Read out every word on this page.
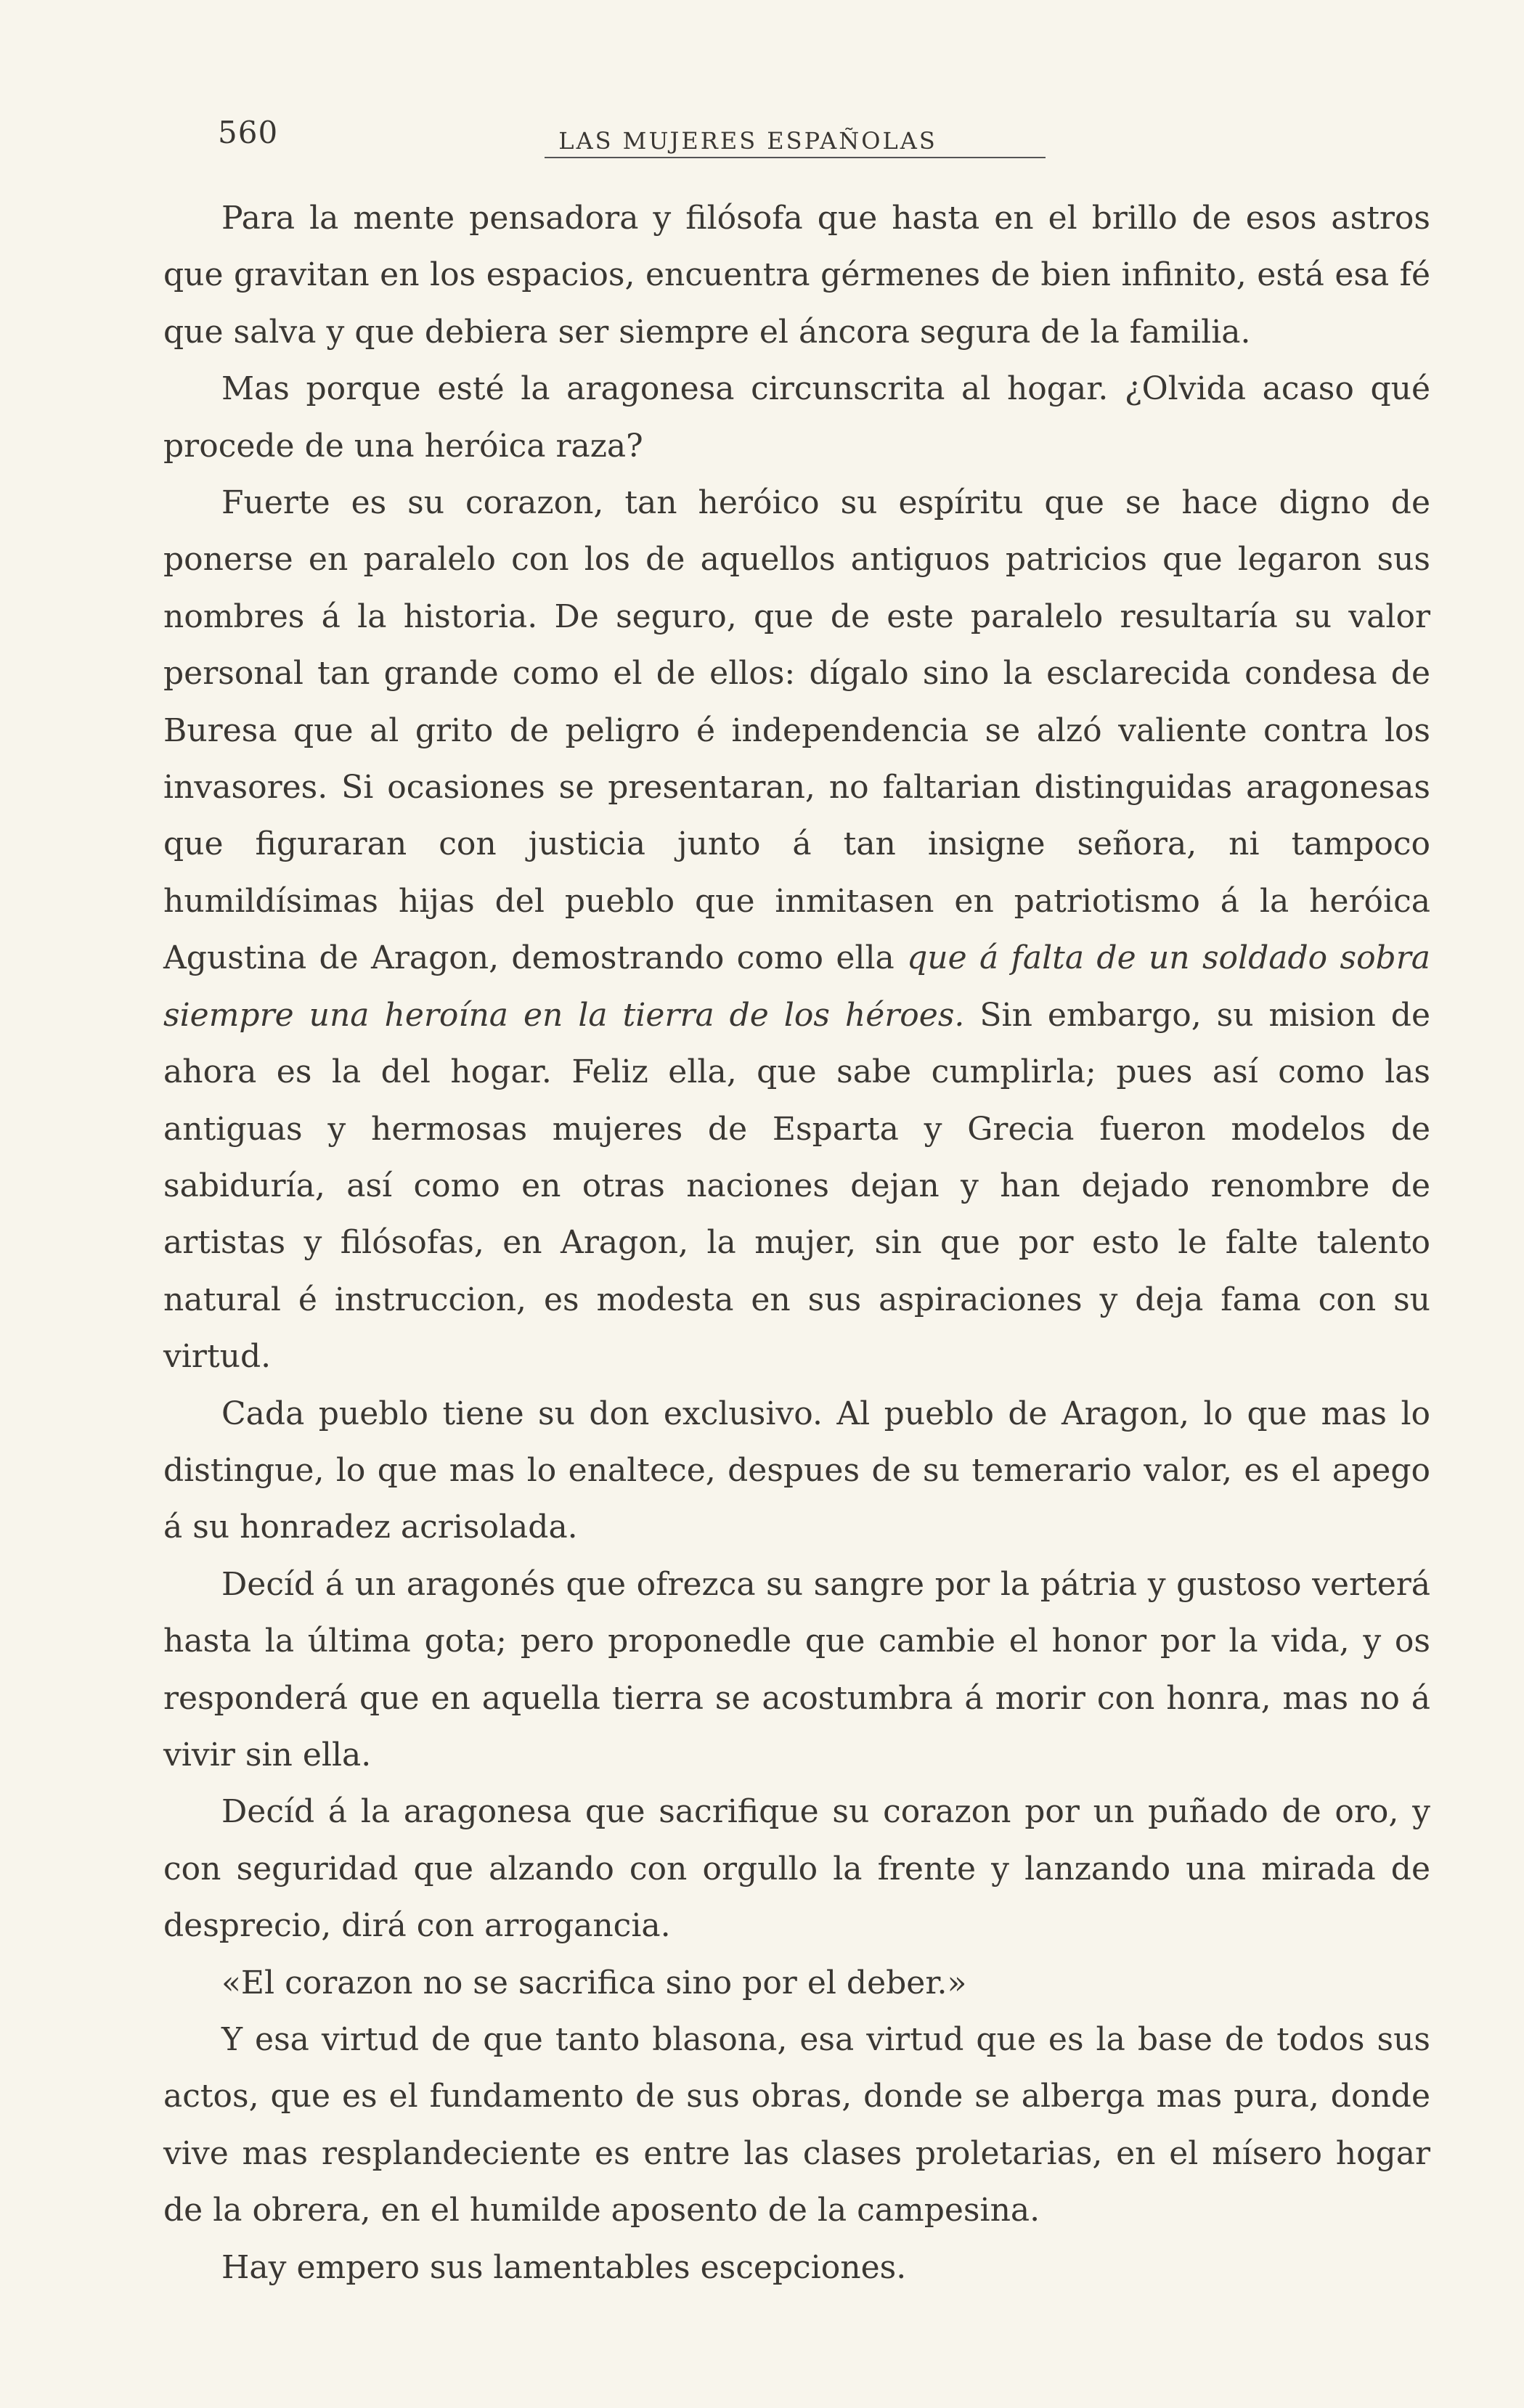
560	LAS MUJERES ESPAÑOLAS

Para la mente pensadora y filósofa que hasta en el brillo de esos astros que gravitan en los espacios, encuentra gérmenes de bien infinito, está esa fé que salva y que debiera ser siempre el áncora segura de la familia.

Mas porque esté la aragonesa circunscrita al hogar. ¿Olvida acaso qué procede de una heróica raza?

Fuerte es su corazon, tan heróico su espíritu que se hace digno de ponerse en paralelo con los de aquellos antiguos patricios que legaron sus nombres á la historia. De seguro, que de este paralelo resultaría su valor personal tan grande como el de ellos: dígalo sino la esclarecida condesa de Buresa que al grito de peligro é independencia se alzó valiente contra los invasores. Si ocasiones se presentaran, no faltarian distinguidas aragonesas que figuraran con justicia junto á tan insigne señora, ni tampoco humildísimas hijas del pueblo que inmitasen en patriotismo á la heróica Agustina de Aragon, demostrando como ella que á falta de un soldado sobra siempre una heroína en la tierra de los héroes. Sin embargo, su mision de ahora es la del hogar. Feliz ella, que sabe cumplirla; pues así como las antiguas y hermosas mujeres de Esparta y Grecia fueron modelos de sabiduría, así como en otras naciones dejan y han dejado renombre de artistas y filósofas, en Aragon, la mujer, sin que por esto le falte talento natural é instruccion, es modesta en sus aspiraciones y deja fama con su virtud.

Cada pueblo tiene su don exclusivo. Al pueblo de Aragon, lo que mas lo distingue, lo que mas lo enaltece, despues de su temerario valor, es el apego á su honradez acrisolada.

Decíd á un aragonés que ofrezca su sangre por la pátria y gustoso verterá hasta la última gota; pero proponedle que cambie el honor por la vida, y os responderá que en aquella tierra se acostumbra á morir con honra, mas no á vivir sin ella.

Decíd á la aragonesa que sacrifique su corazon por un puñado de oro, y con seguridad que alzando con orgullo la frente y lanzando una mirada de desprecio, dirá con arrogancia.

«El corazon no se sacrifica sino por el deber.»

Y esa virtud de que tanto blasona, esa virtud que es la base de todos sus actos, que es el fundamento de sus obras, donde se alberga mas pura, donde vive mas resplandeciente es entre las clases proletarias, en el mísero hogar de la obrera, en el humilde aposento de la campesina.

Hay empero sus lamentables escepciones.
